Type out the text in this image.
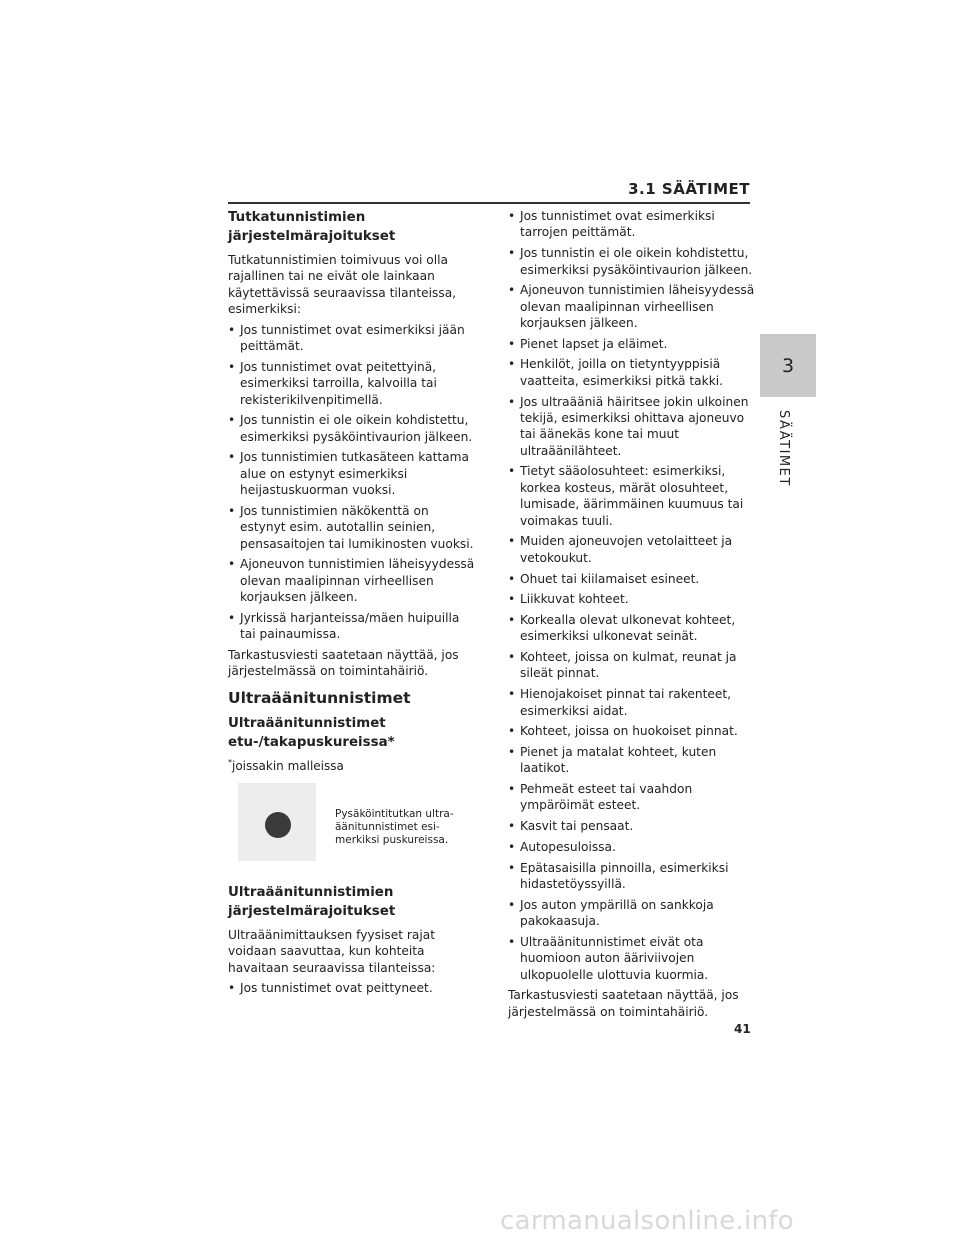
3.1 SÄÄTIMET
3
SÄÄTIMET
Tutkatunnistimien järjestelmärajoitukset

Tutkatunnistimien toimivuus voi olla rajallinen tai ne eivät ole lainkaan käytettävissä seuraavissa tilanteissa, esimerkiksi:

• Jos tunnistimet ovat esimerkiksi jään peittämät.
• Jos tunnistimet ovat peitettyinä, esimerkiksi tarroilla, kalvoilla tai rekisterikilvenpitimellä.
• Jos tunnistin ei ole oikein kohdistettu, esimerkiksi pysäköintivaurion jälkeen.
• Jos tunnistimien tutkasäteen kattama alue on estynyt esimerkiksi heijastuskuorman vuoksi.
• Jos tunnistimien näkökenttä on estynyt esim. autotallin seinien, pensasaitojen tai lumikinosten vuoksi.
• Ajoneuvon tunnistimien läheisyydessä olevan maalipinnan virheellisen korjauksen jälkeen.
• Jyrkissä harjanteissa/mäen huipuilla tai painaumissa.

Tarkastusviesti saatetaan näyttää, jos järjestelmässä on toimintahäiriö.

Ultraäänitunnistimet
Ultraäänitunnistimet etu-/takapuskureissa*
*joissakin malleissa
Pysäköintitutkan ultra-äänitunnistimet esi-merkiksi puskureissa.
Ultraäänitunnistimien järjestelmärajoitukset

Ultraäänimittauksen fyysiset rajat voidaan saavuttaa, kun kohteita havaitaan seuraavissa tilanteissa:

• Jos tunnistimet ovat peittyneet.
• Jos tunnistimet ovat esimerkiksi tarrojen peittämät.
• Jos tunnistin ei ole oikein kohdistettu, esimerkiksi pysäköintivaurion jälkeen.
• Ajoneuvon tunnistimien läheisyydessä olevan maalipinnan virheellisen korjauksen jälkeen.
• Pienet lapset ja eläimet.
• Henkilöt, joilla on tietyntyyppisiä vaatteita, esimerkiksi pitkä takki.
• Jos ultraääniä häiritsee jokin ulkoinen tekijä, esimerkiksi ohittava ajoneuvo tai äänekäs kone tai muut ultraäänilähteet.
• Tietyt sääolosuhteet: esimerkiksi, korkea kosteus, märät olosuhteet, lumisade, äärimmäinen kuumuus tai voimakas tuuli.
• Muiden ajoneuvojen vetolaitteet ja vetokoukut.
• Ohuet tai kiilamaiset esineet.
• Liikkuvat kohteet.
• Korkealla olevat ulkonevat kohteet, esimerkiksi ulkonevat seinät.
• Kohteet, joissa on kulmat, reunat ja sileät pinnat.
• Hienojakoiset pinnat tai rakenteet, esimerkiksi aidat.
• Kohteet, joissa on huokoiset pinnat.
• Pienet ja matalat kohteet, kuten laatikot.
• Pehmeät esteet tai vaahdon ympäröimät esteet.
• Kasvit tai pensaat.
• Autopesuloissa.
• Epätasaisilla pinnoilla, esimerkiksi hidastetöyssyillä.
• Jos auton ympärillä on sankkoja pakokaasuja.
• Ultraäänitunnistimet eivät ota huomioon auton ääriviivojen ulkopuolelle ulottuvia kuormia.

Tarkastusviesti saatetaan näyttää, jos järjestelmässä on toimintahäiriö.

41
carmanualsonline.info
